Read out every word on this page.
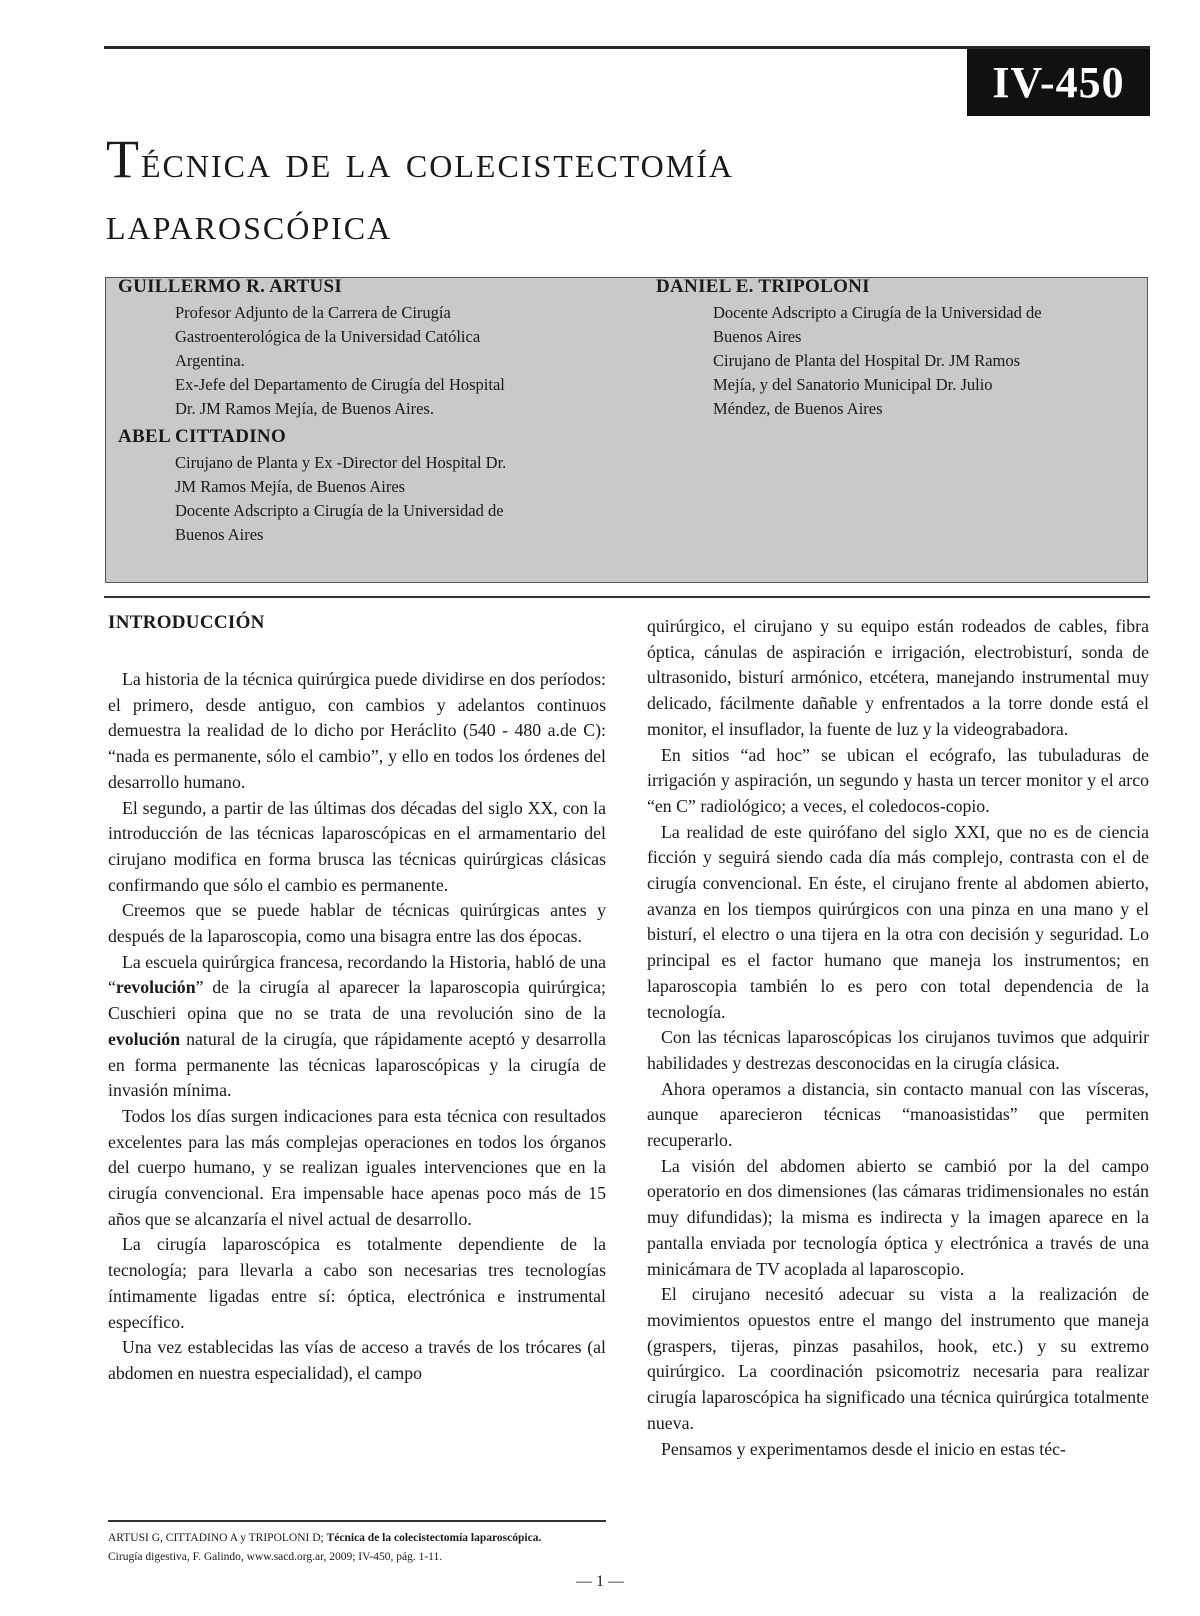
IV-450
Técnica de la colecistectomía
laparoscópica
GUILLERMO R. ARTUSI
Profesor Adjunto de la Carrera de Cirugía
Gastroenterológica de la Universidad Católica
Argentina.
Ex-Jefe del Departamento de Cirugía del Hospital
Dr. JM Ramos Mejía, de Buenos Aires.
ABEL CITTADINO
Cirujano de Planta y Ex -Director del Hospital Dr.
JM Ramos Mejía, de Buenos Aires
Docente Adscripto a Cirugía de la Universidad de
Buenos Aires
DANIEL E. TRIPOLONI
Docente Adscripto a Cirugía de la Universidad de
Buenos Aires
Cirujano de Planta del Hospital Dr. JM Ramos
Mejía, y del Sanatorio Municipal Dr. Julio
Méndez, de Buenos Aires
INTRODUCCIÓN

La historia de la técnica quirúrgica puede dividirse en dos períodos: el primero, desde antiguo, con cambios y adelantos continuos demuestra la realidad de lo dicho por Heráclito (540 - 480 a.de C): “nada es permanente, sólo el cambio”, y ello en todos los órdenes del desarrollo humano.

El segundo, a partir de las últimas dos décadas del siglo XX, con la introducción de las técnicas laparoscópicas en el armamentario del cirujano modifica en forma brusca las técnicas quirúrgicas clásicas confirmando que sólo el cambio es permanente.

Creemos que se puede hablar de técnicas quirúrgicas antes y después de la laparoscopia, como una bisagra entre las dos épocas.

La escuela quirúrgica francesa, recordando la Historia, habló de una “revolución” de la cirugía al aparecer la laparoscopia quirúrgica; Cuschieri opina que no se trata de una revolución sino de la evolución natural de la cirugía, que rápidamente aceptó y desarrolla en forma permanente las técnicas laparoscópicas y la cirugía de invasión mínima.

Todos los días surgen indicaciones para esta técnica con resultados excelentes para las más complejas operaciones en todos los órganos del cuerpo humano, y se realizan iguales intervenciones que en la cirugía convencional. Era impensable hace apenas poco más de 15 años que se alcanzaría el nivel actual de desarrollo.

La cirugía laparoscópica es totalmente dependiente de la tecnología; para llevarla a cabo son necesarias tres tecnologías íntimamente ligadas entre sí: óptica, electrónica e instrumental específico.

Una vez establecidas las vías de acceso a través de los trócares (al abdomen en nuestra especialidad), el campo

quirúrgico, el cirujano y su equipo están rodeados de cables, fibra óptica, cánulas de aspiración e irrigación, electrobisturí, sonda de ultrasonido, bisturí armónico, etcétera, manejando instrumental muy delicado, fácilmente dañable y enfrentados a la torre donde está el monitor, el insuflador, la fuente de luz y la videograbadora.

En sitios “ad hoc” se ubican el ecógrafo, las tubuladuras de irrigación y aspiración, un segundo y hasta un tercer monitor y el arco “en C” radiológico; a veces, el coledocos-copio.

La realidad de este quirófano del siglo XXI, que no es de ciencia ficción y seguirá siendo cada día más complejo, contrasta con el de cirugía convencional. En éste, el cirujano frente al abdomen abierto, avanza en los tiempos quirúrgicos con una pinza en una mano y el bisturí, el electro o una tijera en la otra con decisión y seguridad. Lo principal es el factor humano que maneja los instrumentos; en laparoscopia también lo es pero con total dependencia de la tecnología.

Con las técnicas laparoscópicas los cirujanos tuvimos que adquirir habilidades y destrezas desconocidas en la cirugía clásica.

Ahora operamos a distancia, sin contacto manual con las vísceras, aunque aparecieron técnicas “manoasistidas” que permiten recuperarlo.

La visión del abdomen abierto se cambió por la del campo operatorio en dos dimensiones (las cámaras tridimensionales no están muy difundidas); la misma es indirecta y la imagen aparece en la pantalla enviada por tecnología óptica y electrónica a través de una minicámara de TV acoplada al laparoscopio.

El cirujano necesitó adecuar su vista a la realización de movimientos opuestos entre el mango del instrumento que maneja (graspers, tijeras, pinzas pasahilos, hook, etc.) y su extremo quirúrgico. La coordinación psicomotriz necesaria para realizar cirugía laparoscópica ha significado una técnica quirúrgica totalmente nueva.

Pensamos y experimentamos desde el inicio en estas téc-

ARTUSI G, CITTADINO A y TRIPOLONI D; Técnica de la colecistectomía laparoscópica.
Cirugía digestiva, F. Galindo, www.sacd.org.ar, 2009; IV-450, pág. 1-11.
— 1 —
